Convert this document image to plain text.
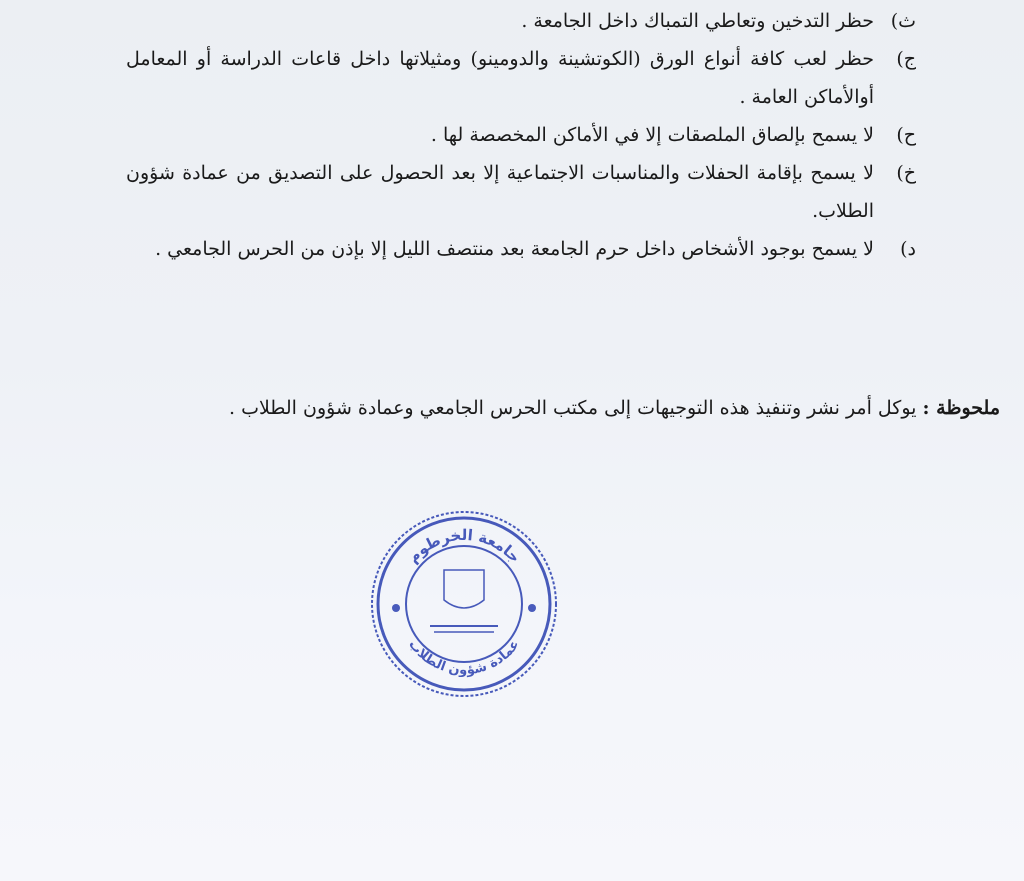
ث)
حظر التدخين وتعاطي التمباك داخل الجامعة .

ج)
حظر لعب كافة أنواع الورق (الكوتشينة والدومينو) ومثيلاتها داخل قاعات الدراسة أو المعامل أوالأماكن العامة .

ح)
لا يسمح بإلصاق الملصقات إلا في الأماكن المخصصة لها .

خ)
لا يسمح بإقامة الحفلات والمناسبات الاجتماعية إلا بعد الحصول على التصديق من عمادة شؤون الطلاب.

د)
لا يسمح بوجود الأشخاص داخل حرم الجامعة بعد منتصف الليل إلا بإذن من الحرس الجامعي .

ملحوظة : يوكل أمر نشر وتنفيذ هذه التوجيهات إلى مكتب الحرس الجامعي وعمادة شؤون الطلاب .
جامعة الخرطوم
عمادة شؤون الطلاب
